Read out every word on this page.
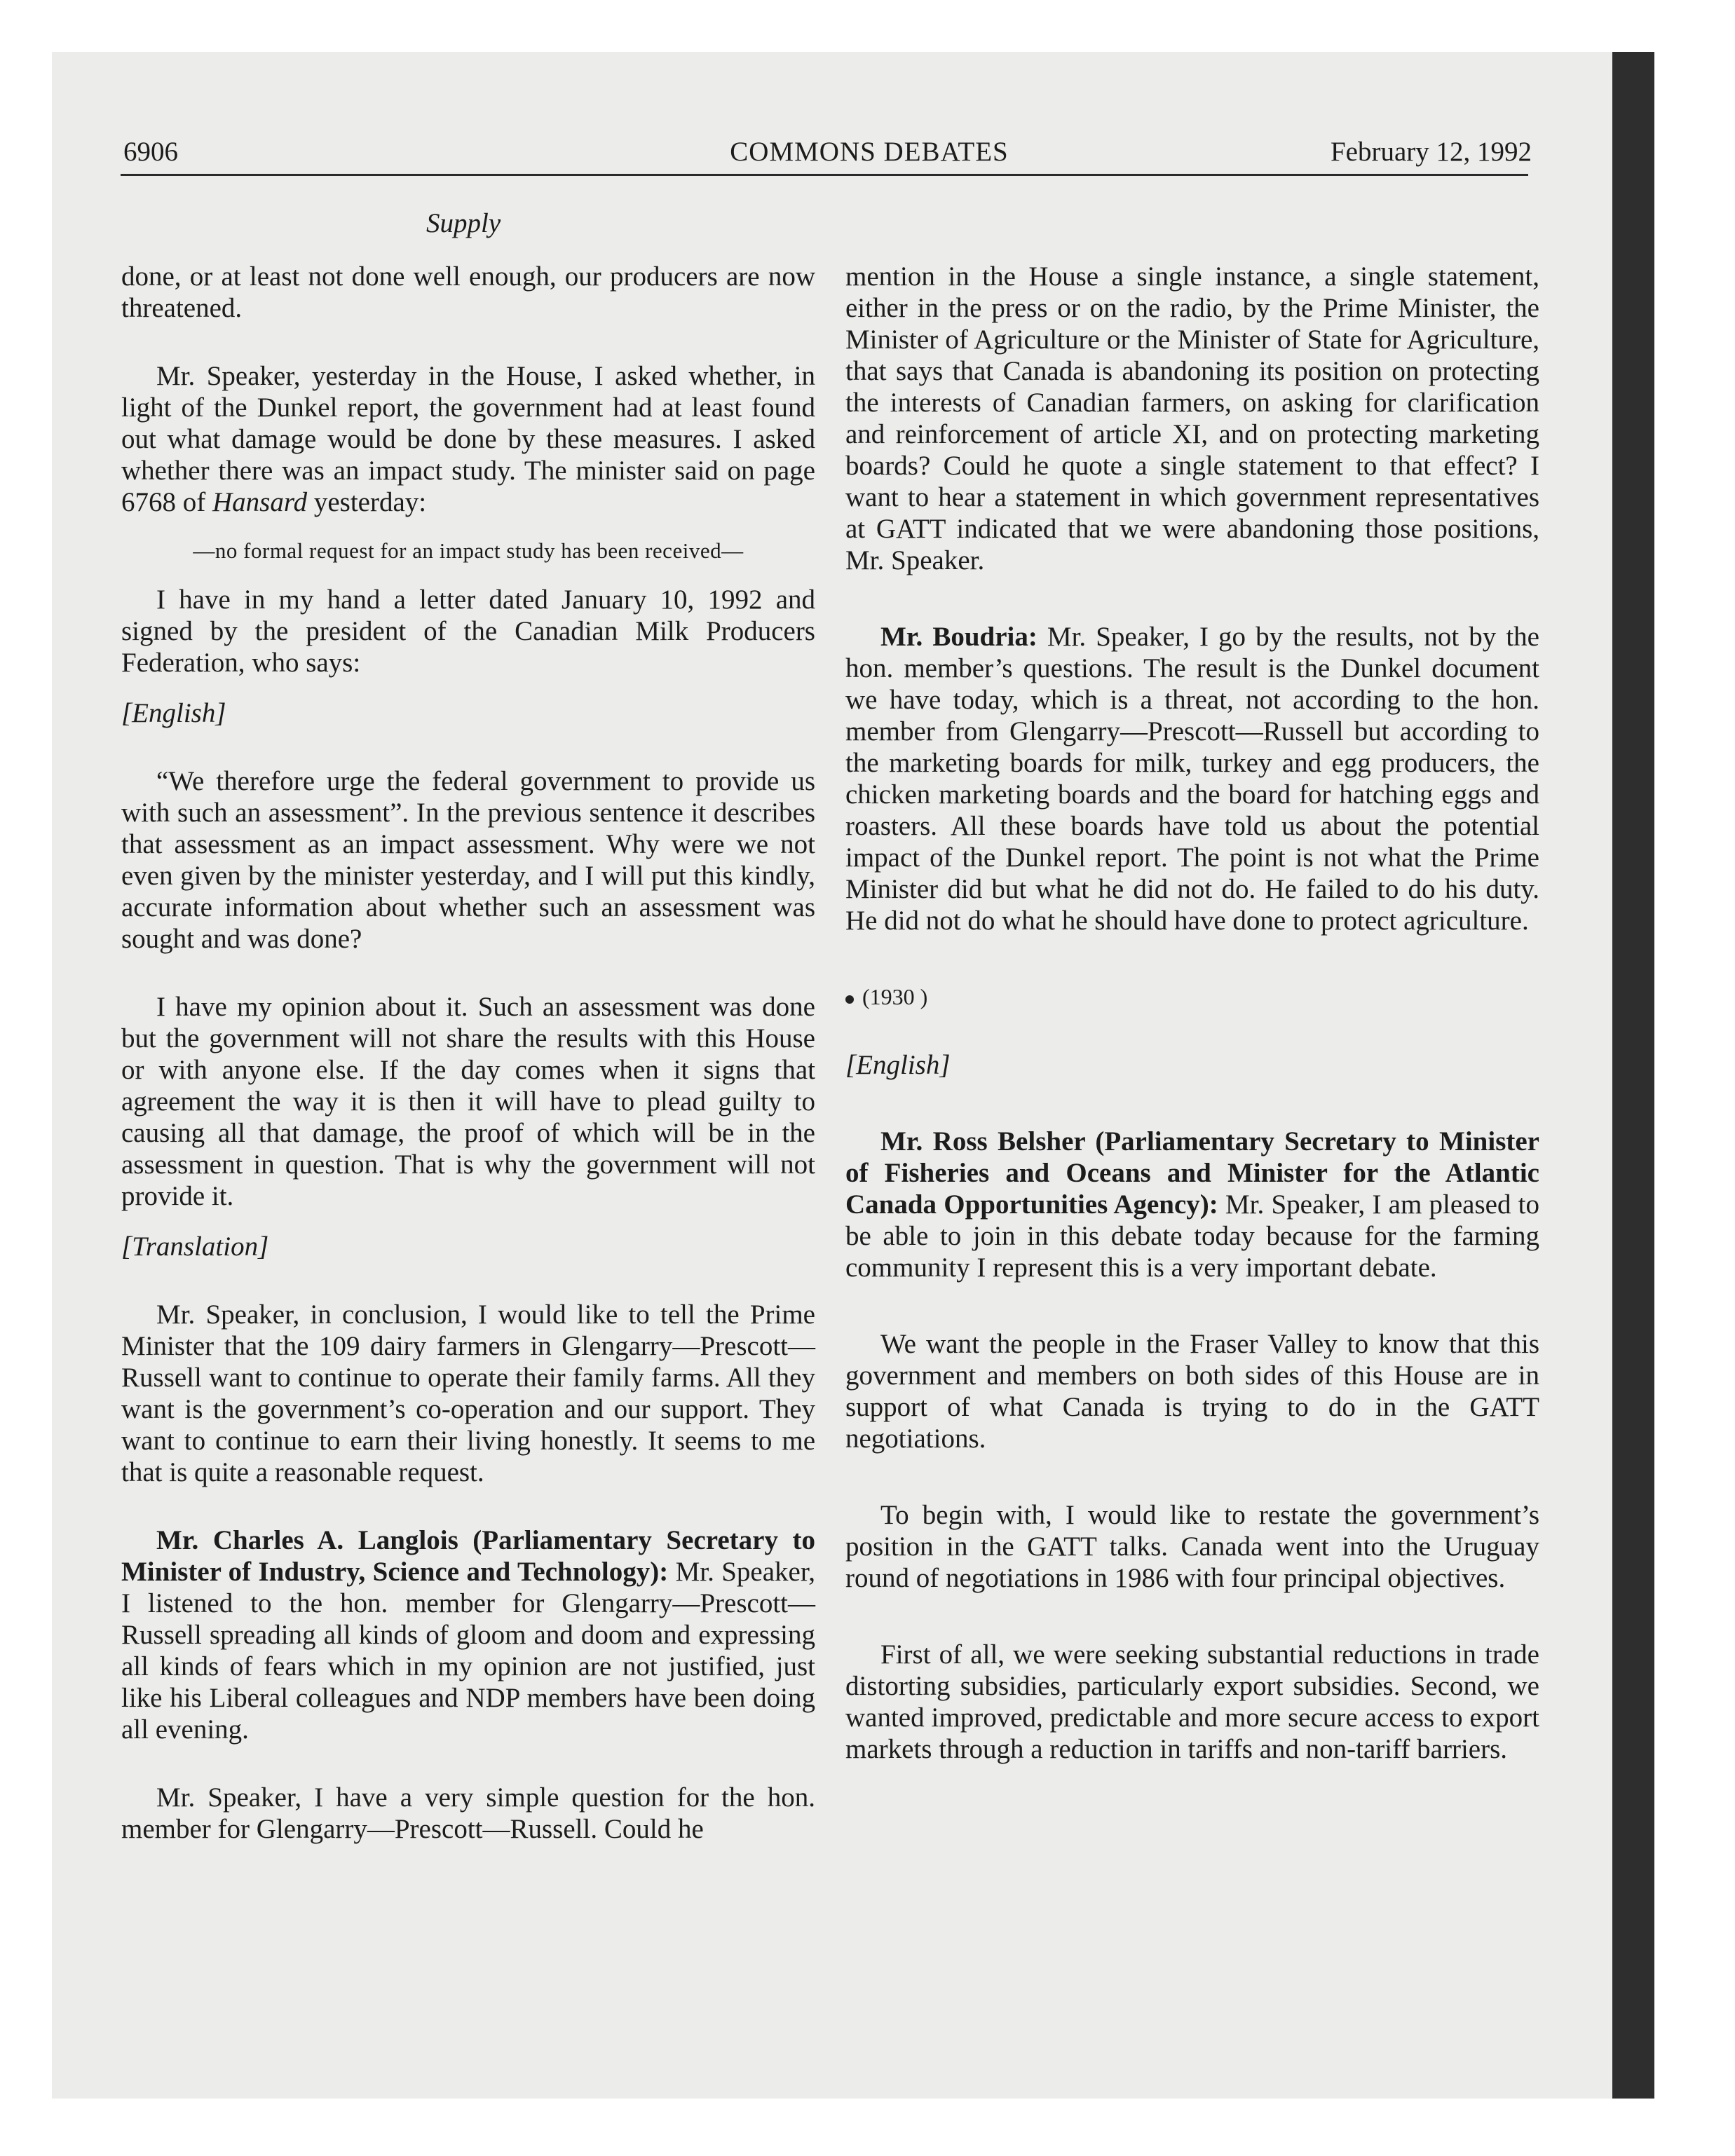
6906	COMMONS DEBATES	February 12, 1992
Supply

done, or at least not done well enough, our producers are now threatened.

Mr. Speaker, yesterday in the House, I asked whether, in light of the Dunkel report, the government had at least found out what damage would be done by these measures. I asked whether there was an impact study. The minister said on page 6768 of Hansard yesterday:

—no formal request for an impact study has been received—

I have in my hand a letter dated January 10, 1992 and signed by the president of the Canadian Milk Producers Federation, who says:

[English]

“We therefore urge the federal government to provide us with such an assessment”. In the previous sentence it describes that assessment as an impact assessment. Why were we not even given by the minister yesterday, and I will put this kindly, accurate information about whether such an assessment was sought and was done?

I have my opinion about it. Such an assessment was done but the government will not share the results with this House or with anyone else. If the day comes when it signs that agreement the way it is then it will have to plead guilty to causing all that damage, the proof of which will be in the assessment in question. That is why the government will not provide it.

[Translation]

Mr. Speaker, in conclusion, I would like to tell the Prime Minister that the 109 dairy farmers in Glengarry—Prescott—Russell want to continue to operate their family farms. All they want is the government’s co-operation and our support. They want to continue to earn their living honestly. It seems to me that is quite a reasonable request.

Mr. Charles A. Langlois (Parliamentary Secretary to Minister of Industry, Science and Technology): Mr. Speaker, I listened to the hon. member for Glengarry—Prescott—Russell spreading all kinds of gloom and doom and expressing all kinds of fears which in my opinion are not justified, just like his Liberal colleagues and NDP members have been doing all evening.

Mr. Speaker, I have a very simple question for the hon. member for Glengarry—Prescott—Russell. Could he

mention in the House a single instance, a single statement, either in the press or on the radio, by the Prime Minister, the Minister of Agriculture or the Minister of State for Agriculture, that says that Canada is abandoning its position on protecting the interests of Canadian farmers, on asking for clarification and reinforcement of article XI, and on protecting marketing boards? Could he quote a single statement to that effect? I want to hear a statement in which government representatives at GATT indicated that we were abandoning those positions, Mr. Speaker.

Mr. Boudria: Mr. Speaker, I go by the results, not by the hon. member’s questions. The result is the Dunkel document we have today, which is a threat, not according to the hon. member from Glengarry—Prescott—Russell but according to the marketing boards for milk, turkey and egg producers, the chicken marketing boards and the board for hatching eggs and roasters. All these boards have told us about the potential impact of the Dunkel report. The point is not what the Prime Minister did but what he did not do. He failed to do his duty. He did not do what he should have done to protect agriculture.

(1930 )

[English]

Mr. Ross Belsher (Parliamentary Secretary to Minister of Fisheries and Oceans and Minister for the Atlantic Canada Opportunities Agency): Mr. Speaker, I am pleased to be able to join in this debate today because for the farming community I represent this is a very important debate.

We want the people in the Fraser Valley to know that this government and members on both sides of this House are in support of what Canada is trying to do in the GATT negotiations.

To begin with, I would like to restate the government’s position in the GATT talks. Canada went into the Uruguay round of negotiations in 1986 with four principal objectives.

First of all, we were seeking substantial reductions in trade distorting subsidies, particularly export subsidies. Second, we wanted improved, predictable and more secure access to export markets through a reduction in tariffs and non-tariff barriers.
